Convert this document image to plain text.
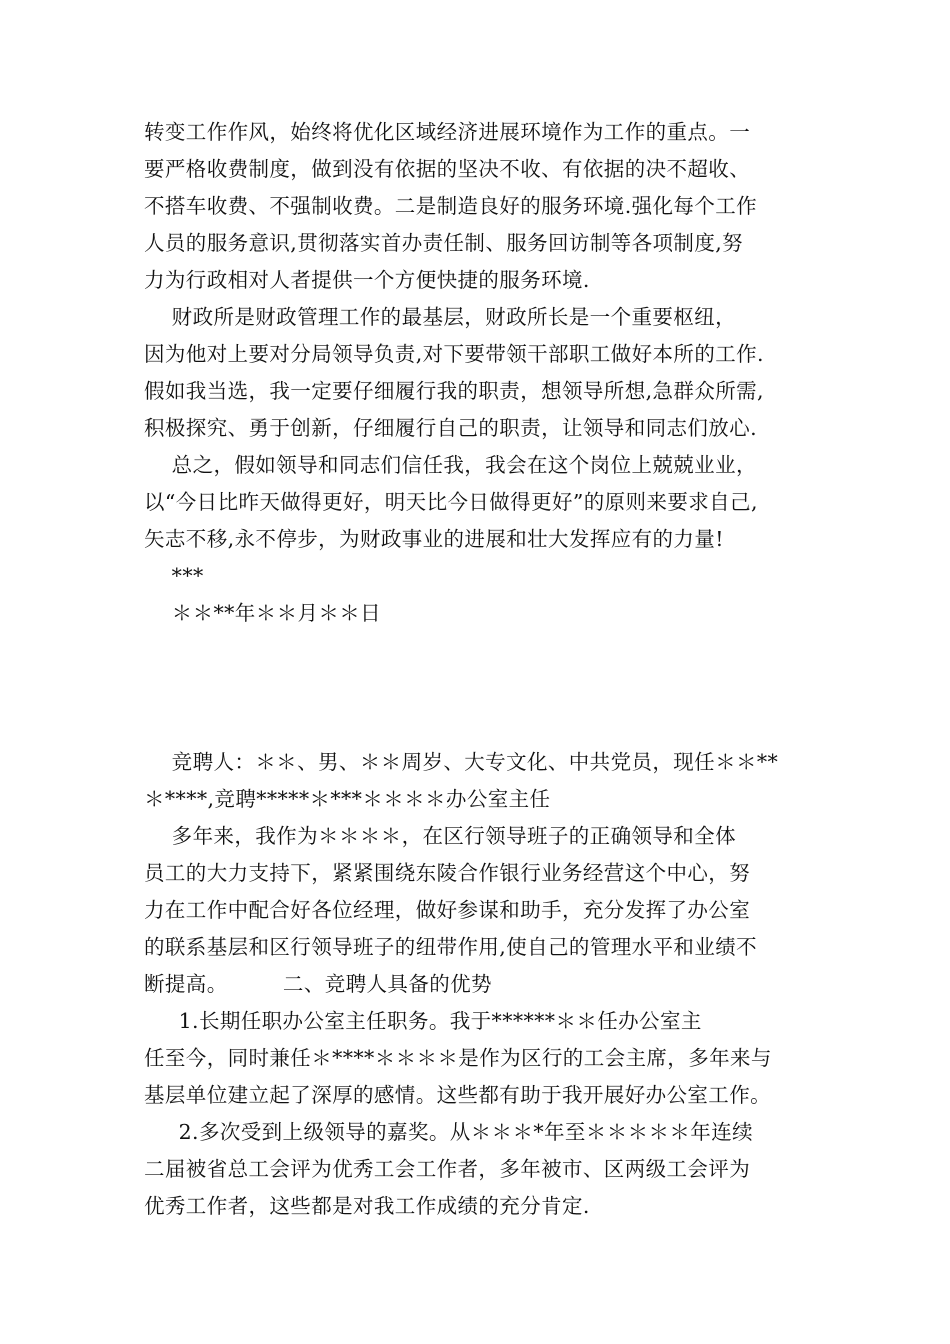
转变工作作风，始终将优化区域经济进展环境作为工作的重点。一
要严格收费制度，做到没有依据的坚决不收、有依据的决不超收、
不搭车收费、不强制收费。二是制造良好的服务环境.强化每个工作
人员的服务意识,贯彻落实首办责任制、服务回访制等各项制度,努
力为行政相对人者提供一个方便快捷的服务环境.
财政所是财政管理工作的最基层，财政所长是一个重要枢纽，
因为他对上要对分局领导负责,对下要带领干部职工做好本所的工作.
假如我当选，我一定要仔细履行我的职责，想领导所想,急群众所需,
积极探究、勇于创新，仔细履行自己的职责，让领导和同志们放心.
总之，假如领导和同志们信任我，我会在这个岗位上兢兢业业，
以“今日比昨天做得更好，明天比今日做得更好”的原则来要求自己,
矢志不移,永不停步，为财政事业的进展和壮大发挥应有的力量!
***
＊＊**年＊＊月＊＊日
竞聘人：＊＊、男、＊＊周岁、大专文化、中共党员，现任＊＊**
＊****,竞聘*****＊***＊＊＊＊办公室主任
多年来，我作为＊＊＊＊，在区行领导班子的正确领导和全体
员工的大力支持下，紧紧围绕东陵合作银行业务经营这个中心，努
力在工作中配合好各位经理，做好参谋和助手，充分发挥了办公室
的联系基层和区行领导班子的纽带作用,使自己的管理水平和业绩不
断提高。        二、竞聘人具备的优势
1.长期任职办公室主任职务。我于******＊＊任办公室主
任至今，同时兼任＊****＊＊＊＊是作为区行的工会主席，多年来与
基层单位建立起了深厚的感情。这些都有助于我开展好办公室工作。
2.多次受到上级领导的嘉奖。从＊＊＊*年至＊＊＊＊＊年连续
二届被省总工会评为优秀工会工作者，多年被市、区两级工会评为
优秀工作者，这些都是对我工作成绩的充分肯定.
